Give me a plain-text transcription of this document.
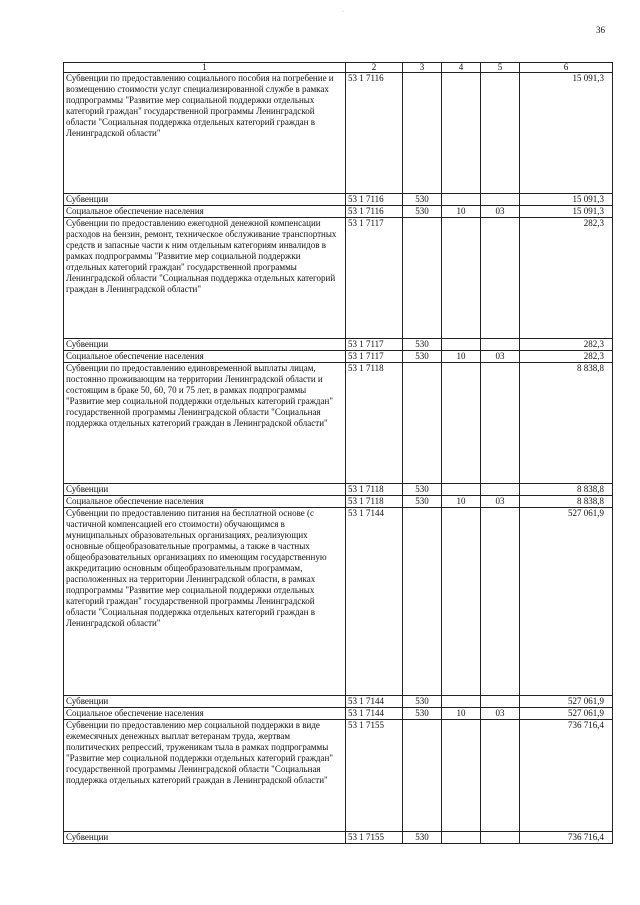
·
36
1	2	3	4	5	6
Субвенции по предоставлению социального пособия на погребение и возмещению стоимости услуг специализированной службе в рамках подпрограммы "Развитие мер социальной поддержки отдельных категорий граждан" государственной программы Ленинградской области "Социальная поддержка отдельных категорий граждан в Ленинградской области"	53 1 7116				15 091,3
Субвенции	53 1 7116	530			15 091,3
Социальное обеспечение населения	53 1 7116	530	10	03	15 091,3
Субвенции по предоставлению ежегодной денежной компенсации расходов на бензин, ремонт, техническое обслуживание транспортных средств и запасные части к ним отдельным категориям инвалидов в рамках подпрограммы "Развитие мер социальной поддержки отдельных категорий граждан" государственной программы Ленинградской области "Социальная поддержка отдельных категорий граждан в Ленинградской области"	53 1 7117				282,3
Субвенции	53 1 7117	530			282,3
Социальное обеспечение населения	53 1 7117	530	10	03	282,3
Субвенции по предоставлению единовременной выплаты лицам, постоянно проживающим на территории Ленинградской области и состоящим в браке 50, 60, 70 и 75 лет, в рамках подпрограммы "Развитие мер социальной поддержки отдельных категорий граждан" государственной программы Ленинградской области "Социальная поддержка отдельных категорий граждан в Ленинградской области"	53 1 7118				8 838,8
Субвенции	53 1 7118	530			8 838,8
Социальное обеспечение населения	53 1 7118	530	10	03	8 838,8
Субвенции по предоставлению питания на бесплатной основе (с частичной компенсацией его стоимости) обучающимся в муниципальных образовательных организациях, реализующих основные общеобразовательные программы, а также в частных общеобразовательных организациях по имеющим государственную аккредитацию основным общеобразовательным программам, расположенных на территории Ленинградской области, в рамках подпрограммы "Развитие мер социальной поддержки отдельных категорий граждан" государственной программы Ленинградской области "Социальная поддержка отдельных категорий граждан в Ленинградской области"	53 1 7144				527 061,9
Субвенции	53 1 7144	530			527 061,9
Социальное обеспечение населения	53 1 7144	530	10	03	527 061,9
Субвенции по предоставлению мер социальной поддержки в виде ежемесячных денежных выплат ветеранам труда, жертвам политических репрессий, труженикам тыла в рамках подпрограммы "Развитие мер социальной поддержки отдельных категорий граждан" государственной программы Ленинградской области "Социальная поддержка отдельных категорий граждан в Ленинградской области"	53 1 7155				736 716,4
Субвенции	53 1 7155	530			736 716,4
